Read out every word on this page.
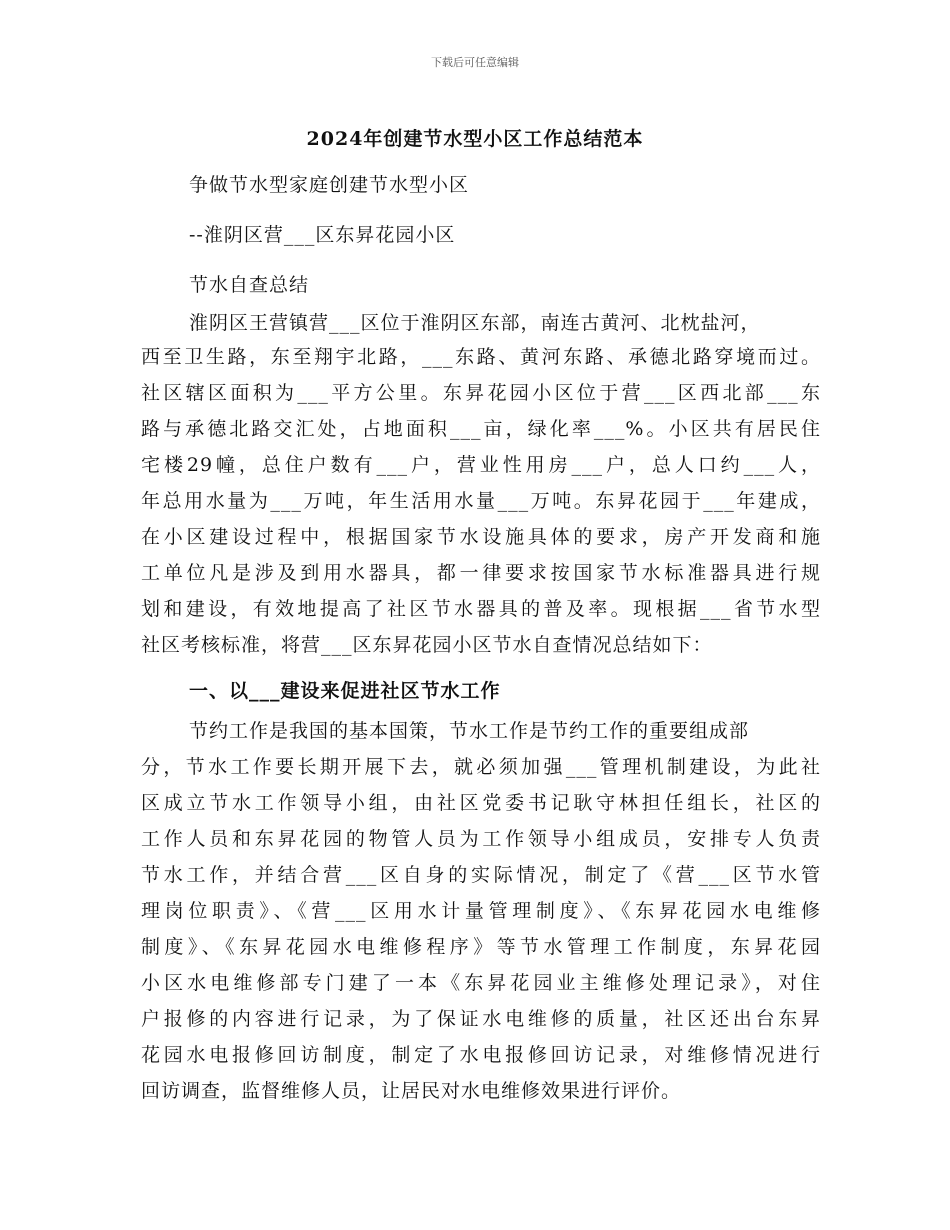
下载后可任意编辑
2024年创建节水型小区工作总结范本
争做节水型家庭创建节水型小区
--淮阴区营___区东昇花园小区
节水自查总结
淮阴区王营镇营___区位于淮阴区东部，南连古黄河、北枕盐河，
西至卫生路，东至翔宇北路，___东路、黄河东路、承德北路穿境而过。
社区辖区面积为___平方公里。东昇花园小区位于营___区西北部___东
路与承德北路交汇处，占地面积___亩，绿化率___%。小区共有居民住
宅楼29幢，总住户数有___户，营业性用房___户，总人口约___人，
年总用水量为___万吨，年生活用水量___万吨。东昇花园于___年建成，
在小区建设过程中，根据国家节水设施具体的要求，房产开发商和施
工单位凡是涉及到用水器具，都一律要求按国家节水标准器具进行规
划和建设，有效地提高了社区节水器具的普及率。现根据___省节水型
社区考核标准，将营___区东昇花园小区节水自查情况总结如下：
一、以___建设来促进社区节水工作
节约工作是我国的基本国策，节水工作是节约工作的重要组成部
分，节水工作要长期开展下去，就必须加强___管理机制建设，为此社
区成立节水工作领导小组，由社区党委书记耿守林担任组长，社区的
工作人员和东昇花园的物管人员为工作领导小组成员，安排专人负责
节水工作，并结合营___区自身的实际情况，制定了《营___区节水管
理岗位职责》、《营___区用水计量管理制度》、《东昇花园水电维修
制度》、《东昇花园水电维修程序》等节水管理工作制度，东昇花园
小区水电维修部专门建了一本《东昇花园业主维修处理记录》，对住
户报修的内容进行记录，为了保证水电维修的质量，社区还出台东昇
花园水电报修回访制度，制定了水电报修回访记录，对维修情况进行
回访调查，监督维修人员，让居民对水电维修效果进行评价。
